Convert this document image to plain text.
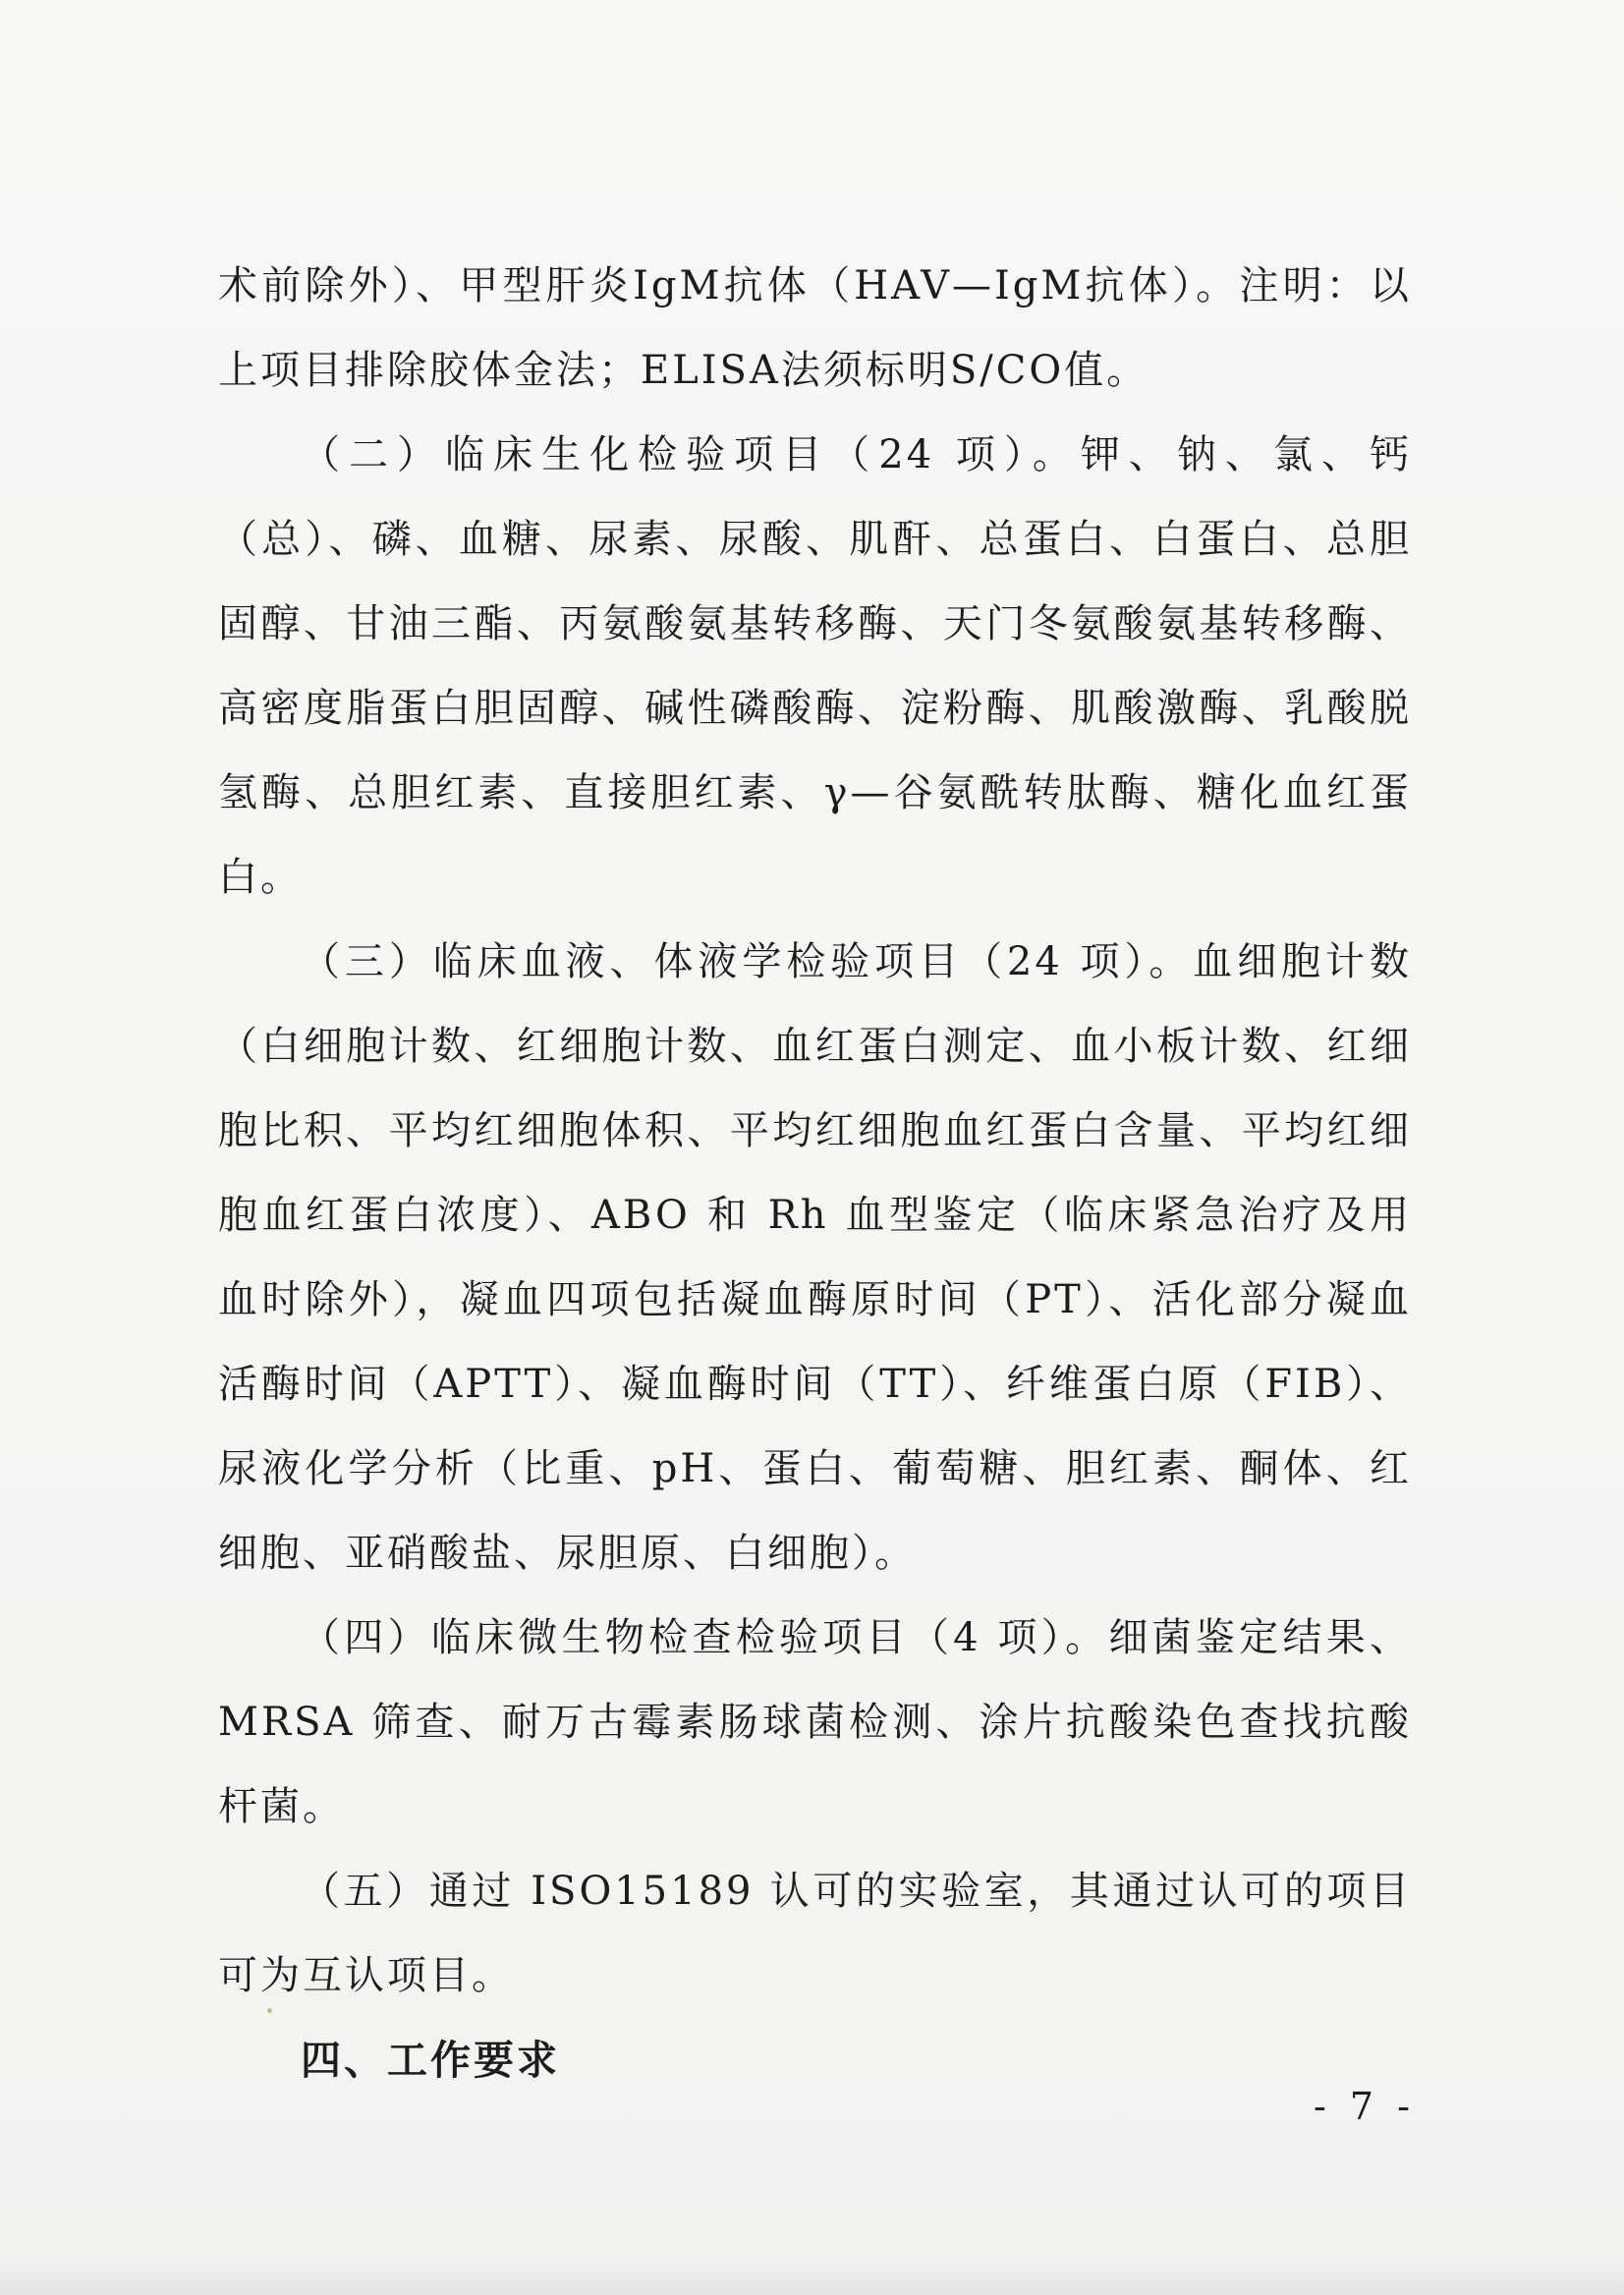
术前除外）、甲型肝炎IgM抗体（HAV—IgM抗体）。注明：以上项目排除胶体金法；ELISA法须标明S/CO值。

（二）临床生化检验项目（24 项）。钾、钠、氯、钙（总）、磷、血糖、尿素、尿酸、肌酐、总蛋白、白蛋白、总胆固醇、甘油三酯、丙氨酸氨基转移酶、天门冬氨酸氨基转移酶、高密度脂蛋白胆固醇、碱性磷酸酶、淀粉酶、肌酸激酶、乳酸脱氢酶、总胆红素、直接胆红素、γ—谷氨酰转肽酶、糖化血红蛋白。

（三）临床血液、体液学检验项目（24 项）。血细胞计数（白细胞计数、红细胞计数、血红蛋白测定、血小板计数、红细胞比积、平均红细胞体积、平均红细胞血红蛋白含量、平均红细胞血红蛋白浓度）、ABO 和 Rh 血型鉴定（临床紧急治疗及用血时除外），凝血四项包括凝血酶原时间（PT）、活化部分凝血活酶时间（APTT）、凝血酶时间（TT）、纤维蛋白原（FIB）、尿液化学分析（比重、pH、蛋白、葡萄糖、胆红素、酮体、红细胞、亚硝酸盐、尿胆原、白细胞）。

（四）临床微生物检查检验项目（4 项）。细菌鉴定结果、MRSA 筛查、耐万古霉素肠球菌检测、涂片抗酸染色查找抗酸杆菌。

（五）通过 ISO15189 认可的实验室，其通过认可的项目可为互认项目。

四、工作要求

- 7 -
